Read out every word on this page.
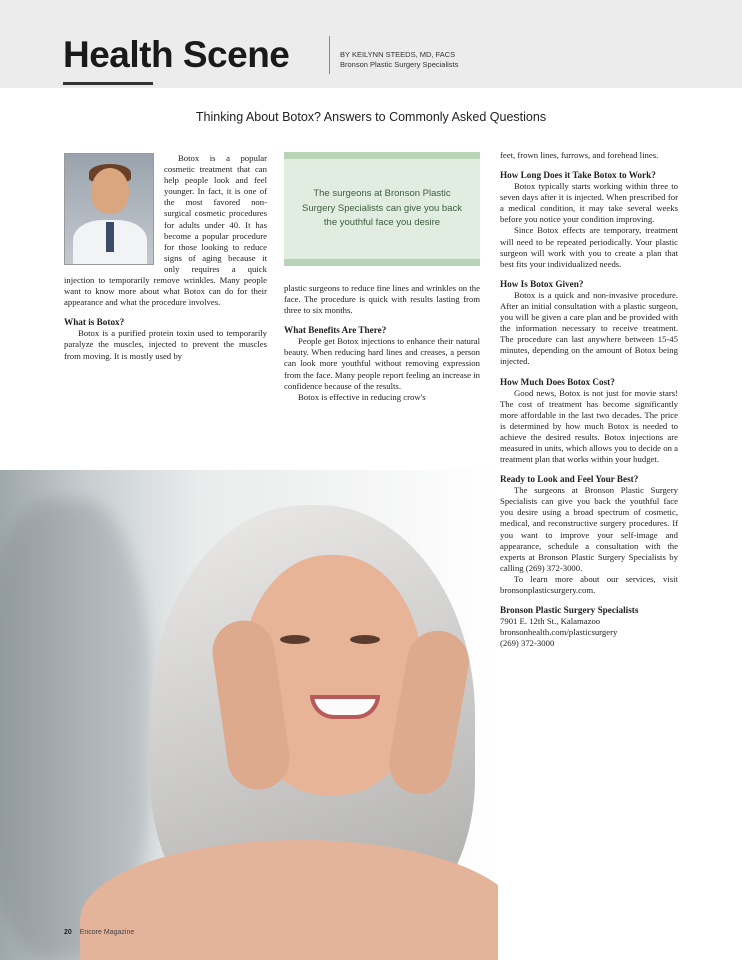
Health Scene	BY KEILYNN STEEDS, MD, FACS
Bronson Plastic Surgery Specialists
Thinking About Botox? Answers to Commonly Asked Questions

Botox is a popular cosmetic treatment that can help people look and feel younger. In fact, it is one of the most favored non-surgical cosmetic procedures for adults under 40. It has become a popular procedure for those looking to reduce signs of aging because it only requires a quick injection to temporarily remove wrinkles. Many people want to know more about what Botox can do for their appearance and what the procedure involves.

What is Botox?

Botox is a purified protein toxin used to temporarily paralyze the muscles, injected to prevent the muscles from moving. It is mostly used by

The surgeons at Bronson Plastic Surgery Specialists can give you back the youthful face you desire

plastic surgeons to reduce fine lines and wrinkles on the face. The procedure is quick with results lasting from three to six months.

What Benefits Are There?

People get Botox injections to enhance their natural beauty. When reducing hard lines and creases, a person can look more youthful without removing expression from the face. Many people report feeling an increase in confidence because of the results.

Botox is effective in reducing crow's

feet, frown lines, furrows, and forehead lines.

How Long Does it Take Botox to Work?

Botox typically starts working within three to seven days after it is injected. When prescribed for a medical condition, it may take several weeks before you notice your condition improving.

Since Botox effects are temporary, treatment will need to be repeated periodically. Your plastic surgeon will work with you to create a plan that best fits your individualized needs.

How Is Botox Given?

Botox is a quick and non-invasive procedure. After an initial consultation with a plastic surgeon, you will be given a care plan and be provided with the information necessary to receive treatment. The procedure can last anywhere between 15-45 minutes, depending on the amount of Botox being injected.

How Much Does Botox Cost?

Good news, Botox is not just for movie stars! The cost of treatment has become significantly more affordable in the last two decades. The price is determined by how much Botox is needed to achieve the desired results. Botox injections are measured in units, which allows you to decide on a treatment plan that works within your budget.

Ready to Look and Feel Your Best?

The surgeons at Bronson Plastic Surgery Specialists can give you back the youthful face you desire using a broad spectrum of cosmetic, medical, and reconstructive surgery procedures. If you want to improve your self-image and appearance, schedule a consultation with the experts at Bronson Plastic Surgery Specialists by calling (269) 372-3000.

To learn more about our services, visit bronsonplasticsurgery.com.

Bronson Plastic Surgery Specialists

7901 E. 12th St., Kalamazoo

bronsonhealth.com/plasticsurgery

(269) 372-3000

20 Encore Magazine
